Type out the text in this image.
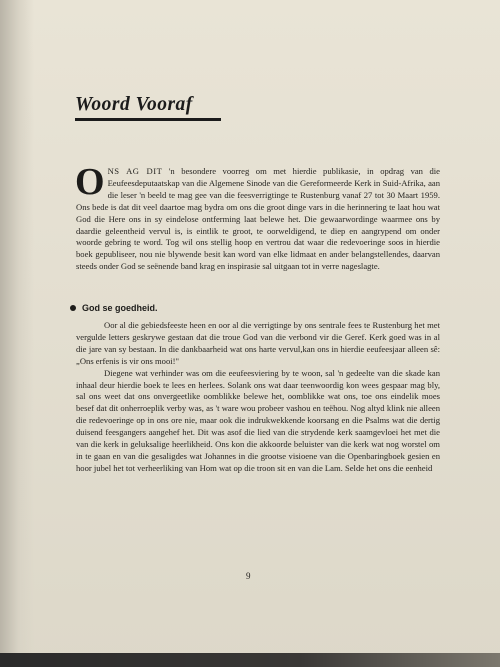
Woord Vooraf

ONS AG DIT 'n besondere voorreg om met hierdie publikasie, in opdrag van die Eeufeesdeputaatskap van die Algemene Sinode van die Gereformeerde Kerk in Suid-Afrika, aan die leser 'n beeld te mag gee van die feesverrigtinge te Rustenburg vanaf 27 tot 30 Maart 1959. Ons bede is dat dit veel daartoe mag bydra om ons die groot dinge vars in die herinnering te laat hou wat God die Here ons in sy eindelose ontferming laat belewe het. Die gewaarwordinge waarmee ons by daardie geleentheid vervul is, is eintlik te groot, te oorweldigend, te diep en aangrypend om onder woorde gebring te word. Tog wil ons stellig hoop en vertrou dat waar die redevoeringe soos in hierdie boek gepubliseer, nou nie blywende besit kan word van elke lidmaat en ander belangstellendes, daarvan steeds onder God se seënende band krag en inspirasie sal uitgaan tot in verre nageslagte.

God se goedheid.

Oor al die gebiedsfeeste heen en oor al die verrigtinge by ons sentrale fees te Rustenburg het met vergulde letters geskrywe gestaan dat die troue God van die verbond vir die Geref. Kerk goed was in al die jare van sy bestaan. In die dankbaarheid wat ons harte vervul,kan ons in hierdie eeufeesjaar alleen sê: „Ons erfenis is vir ons mooi!"

Diegene wat verhinder was om die eeufeesviering by te woon, sal 'n gedeelte van die skade kan inhaal deur hierdie boek te lees en herlees. Solank ons wat daar teenwoordig kon wees gespaar mag bly, sal ons weet dat ons onvergeetlike oomblikke belewe het, oomblikke wat ons, toe ons eindelik moes besef dat dit onherroeplik verby was, as 't ware wou probeer vashou en teëhou. Nog altyd klink nie alleen die redevoeringe op in ons ore nie, maar ook die indrukwekkende koorsang en die Psalms wat die dertig duisend feesgangers aangehef het. Dit was asof die lied van die strydende kerk saamgevloei het met die van die kerk in geluksalige heerlikheid. Ons kon die akkoorde beluister van die kerk wat nog worstel om in te gaan en van die gesaligdes wat Johannes in die grootse visioene van die Openbaringboek gesien en hoor jubel het tot verheerliking van Hom wat op die troon sit en van die Lam. Selde het ons die eenheid

9
